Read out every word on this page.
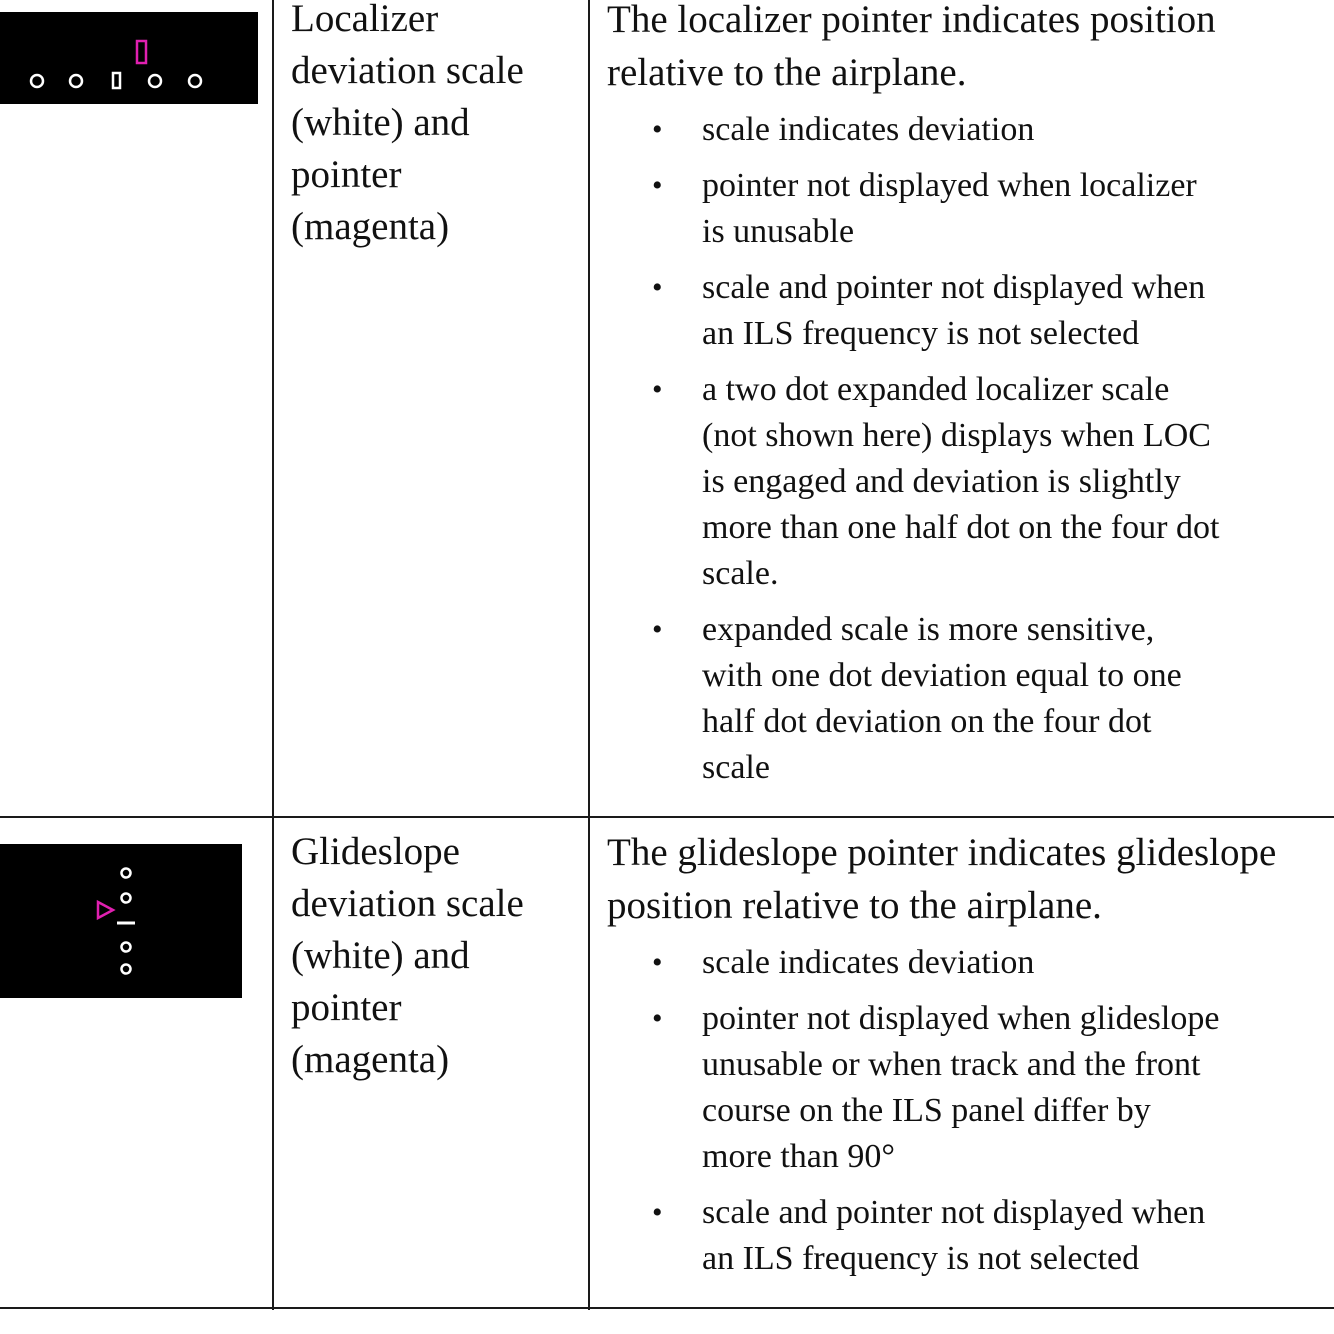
Localizer
deviation scale
(white) and
pointer
(magenta)

The localizer pointer indicates position
relative to the airplane.

• scale indicates deviation
• pointer not displayed when localizer
is unusable
• scale and pointer not displayed when
an ILS frequency is not selected
• a two dot expanded localizer scale
(not shown here) displays when LOC
is engaged and deviation is slightly
more than one half dot on the four dot
scale.
• expanded scale is more sensitive,
with one dot deviation equal to one
half dot deviation on the four dot
scale
Glideslope
deviation scale
(white) and
pointer
(magenta)

The glideslope pointer indicates glideslope
position relative to the airplane.

• scale indicates deviation
• pointer not displayed when glideslope
unusable or when track and the front
course on the ILS panel differ by
more than 90°
• scale and pointer not displayed when
an ILS frequency is not selected
